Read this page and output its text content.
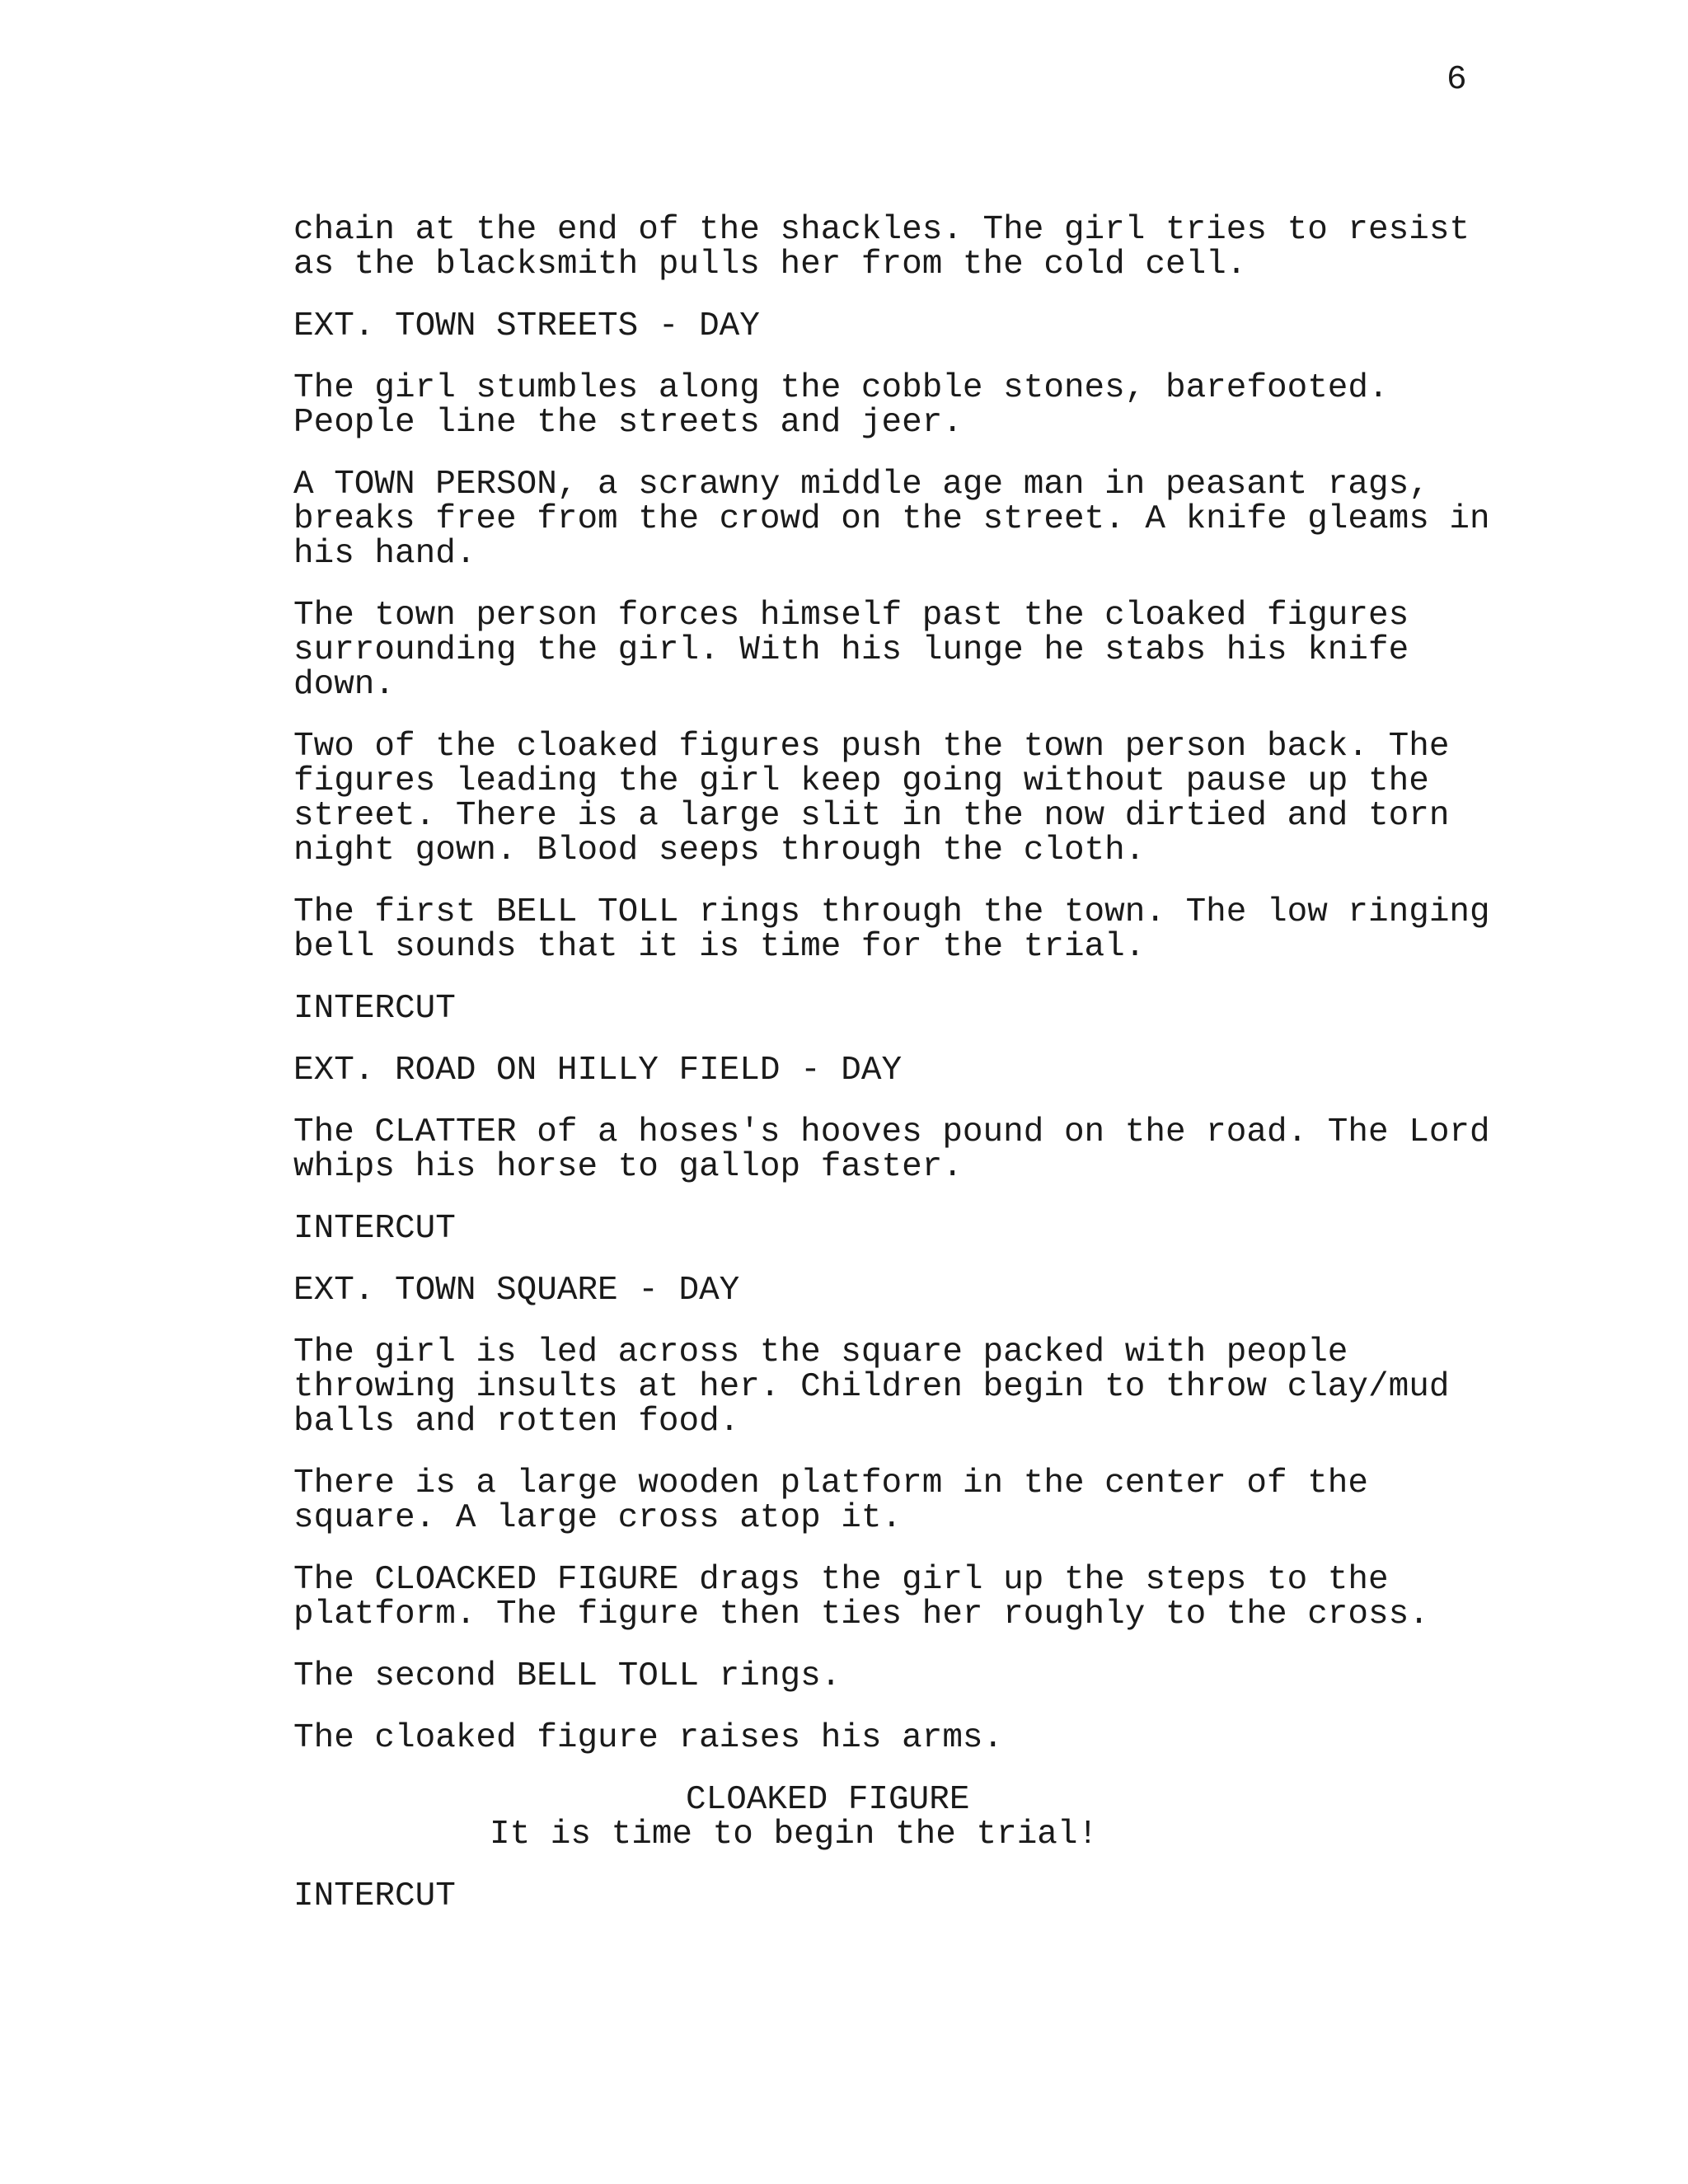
6

chain at the end of the shackles. The girl tries to resist
as the blacksmith pulls her from the cold cell.

EXT. TOWN STREETS - DAY

The girl stumbles along the cobble stones, barefooted.
People line the streets and jeer.

A TOWN PERSON, a scrawny middle age man in peasant rags,
breaks free from the crowd on the street. A knife gleams in
his hand.

The town person forces himself past the cloaked figures
surrounding the girl. With his lunge he stabs his knife
down.

Two of the cloaked figures push the town person back. The
figures leading the girl keep going without pause up the
street. There is a large slit in the now dirtied and torn
night gown. Blood seeps through the cloth.

The first BELL TOLL rings through the town. The low ringing
bell sounds that it is time for the trial.

INTERCUT

EXT. ROAD ON HILLY FIELD - DAY

The CLATTER of a hoses's hooves pound on the road. The Lord
whips his horse to gallop faster.

INTERCUT

EXT. TOWN SQUARE - DAY

The girl is led across the square packed with people
throwing insults at her. Children begin to throw clay/mud
balls and rotten food.

There is a large wooden platform in the center of the
square. A large cross atop it.

The CLOACKED FIGURE drags the girl up the steps to the
platform. The figure then ties her roughly to the cross.

The second BELL TOLL rings.

The cloaked figure raises his arms.

CLOAKED FIGURE

It is time to begin the trial!

INTERCUT
